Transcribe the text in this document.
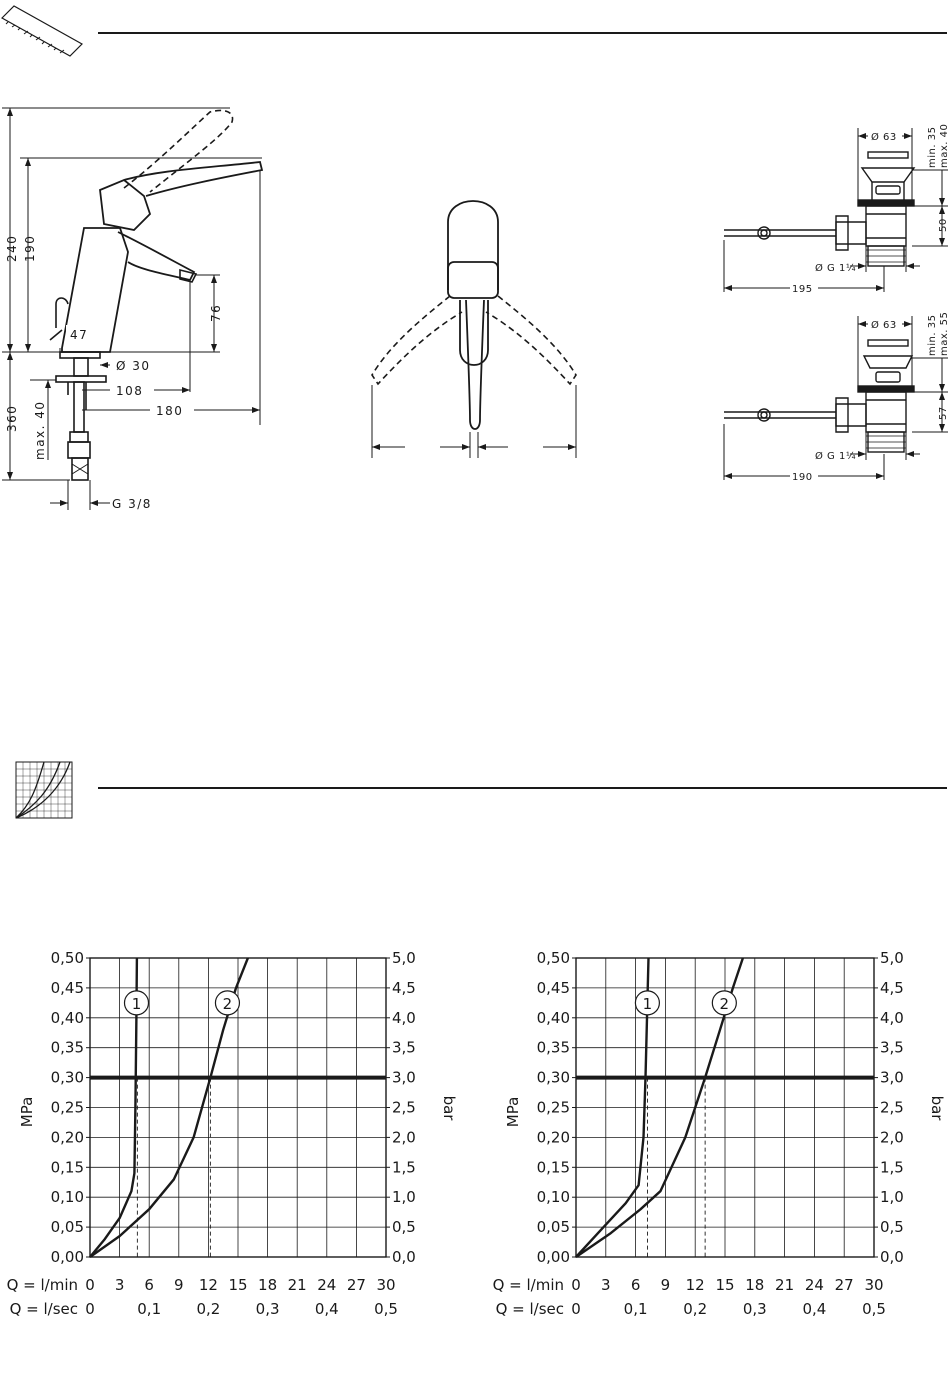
240 190
360
76
max. 40
47
Ø 30
108
180
G 3/8
Ø 63	min. 35 max. 40
50
Ø G 1¼
195
Ø 63	min. 35 max. 55
57
Ø G 1¼
190
0,00	0,0
0,05	0,5
0,10	1,0
0,15	1,5
0,20	2,0
0,25	2,5
0,30	3,0
0,35	3,5
0,40	4,0
0,45	4,5
0,50	5,0
1	2
0 3 6 9 12 15 18 21 24 27 30
0	0,1 0,2 0,3 0,4 0,5
Q = l/min
Q = l/sec
MPa	bar
0,00	0,0
0,05	0,5
0,10	1,0
0,15	1,5
0,20	2,0
0,25	2,5
0,30	3,0
0,35	3,5
0,40	4,0
0,45	4,5
0,50	5,0
1	2
0 3 6 9 12 15 18 21 24 27 30
0	0,1 0,2 0,3 0,4 0,5
Q = l/min
Q = l/sec
MPa	bar
